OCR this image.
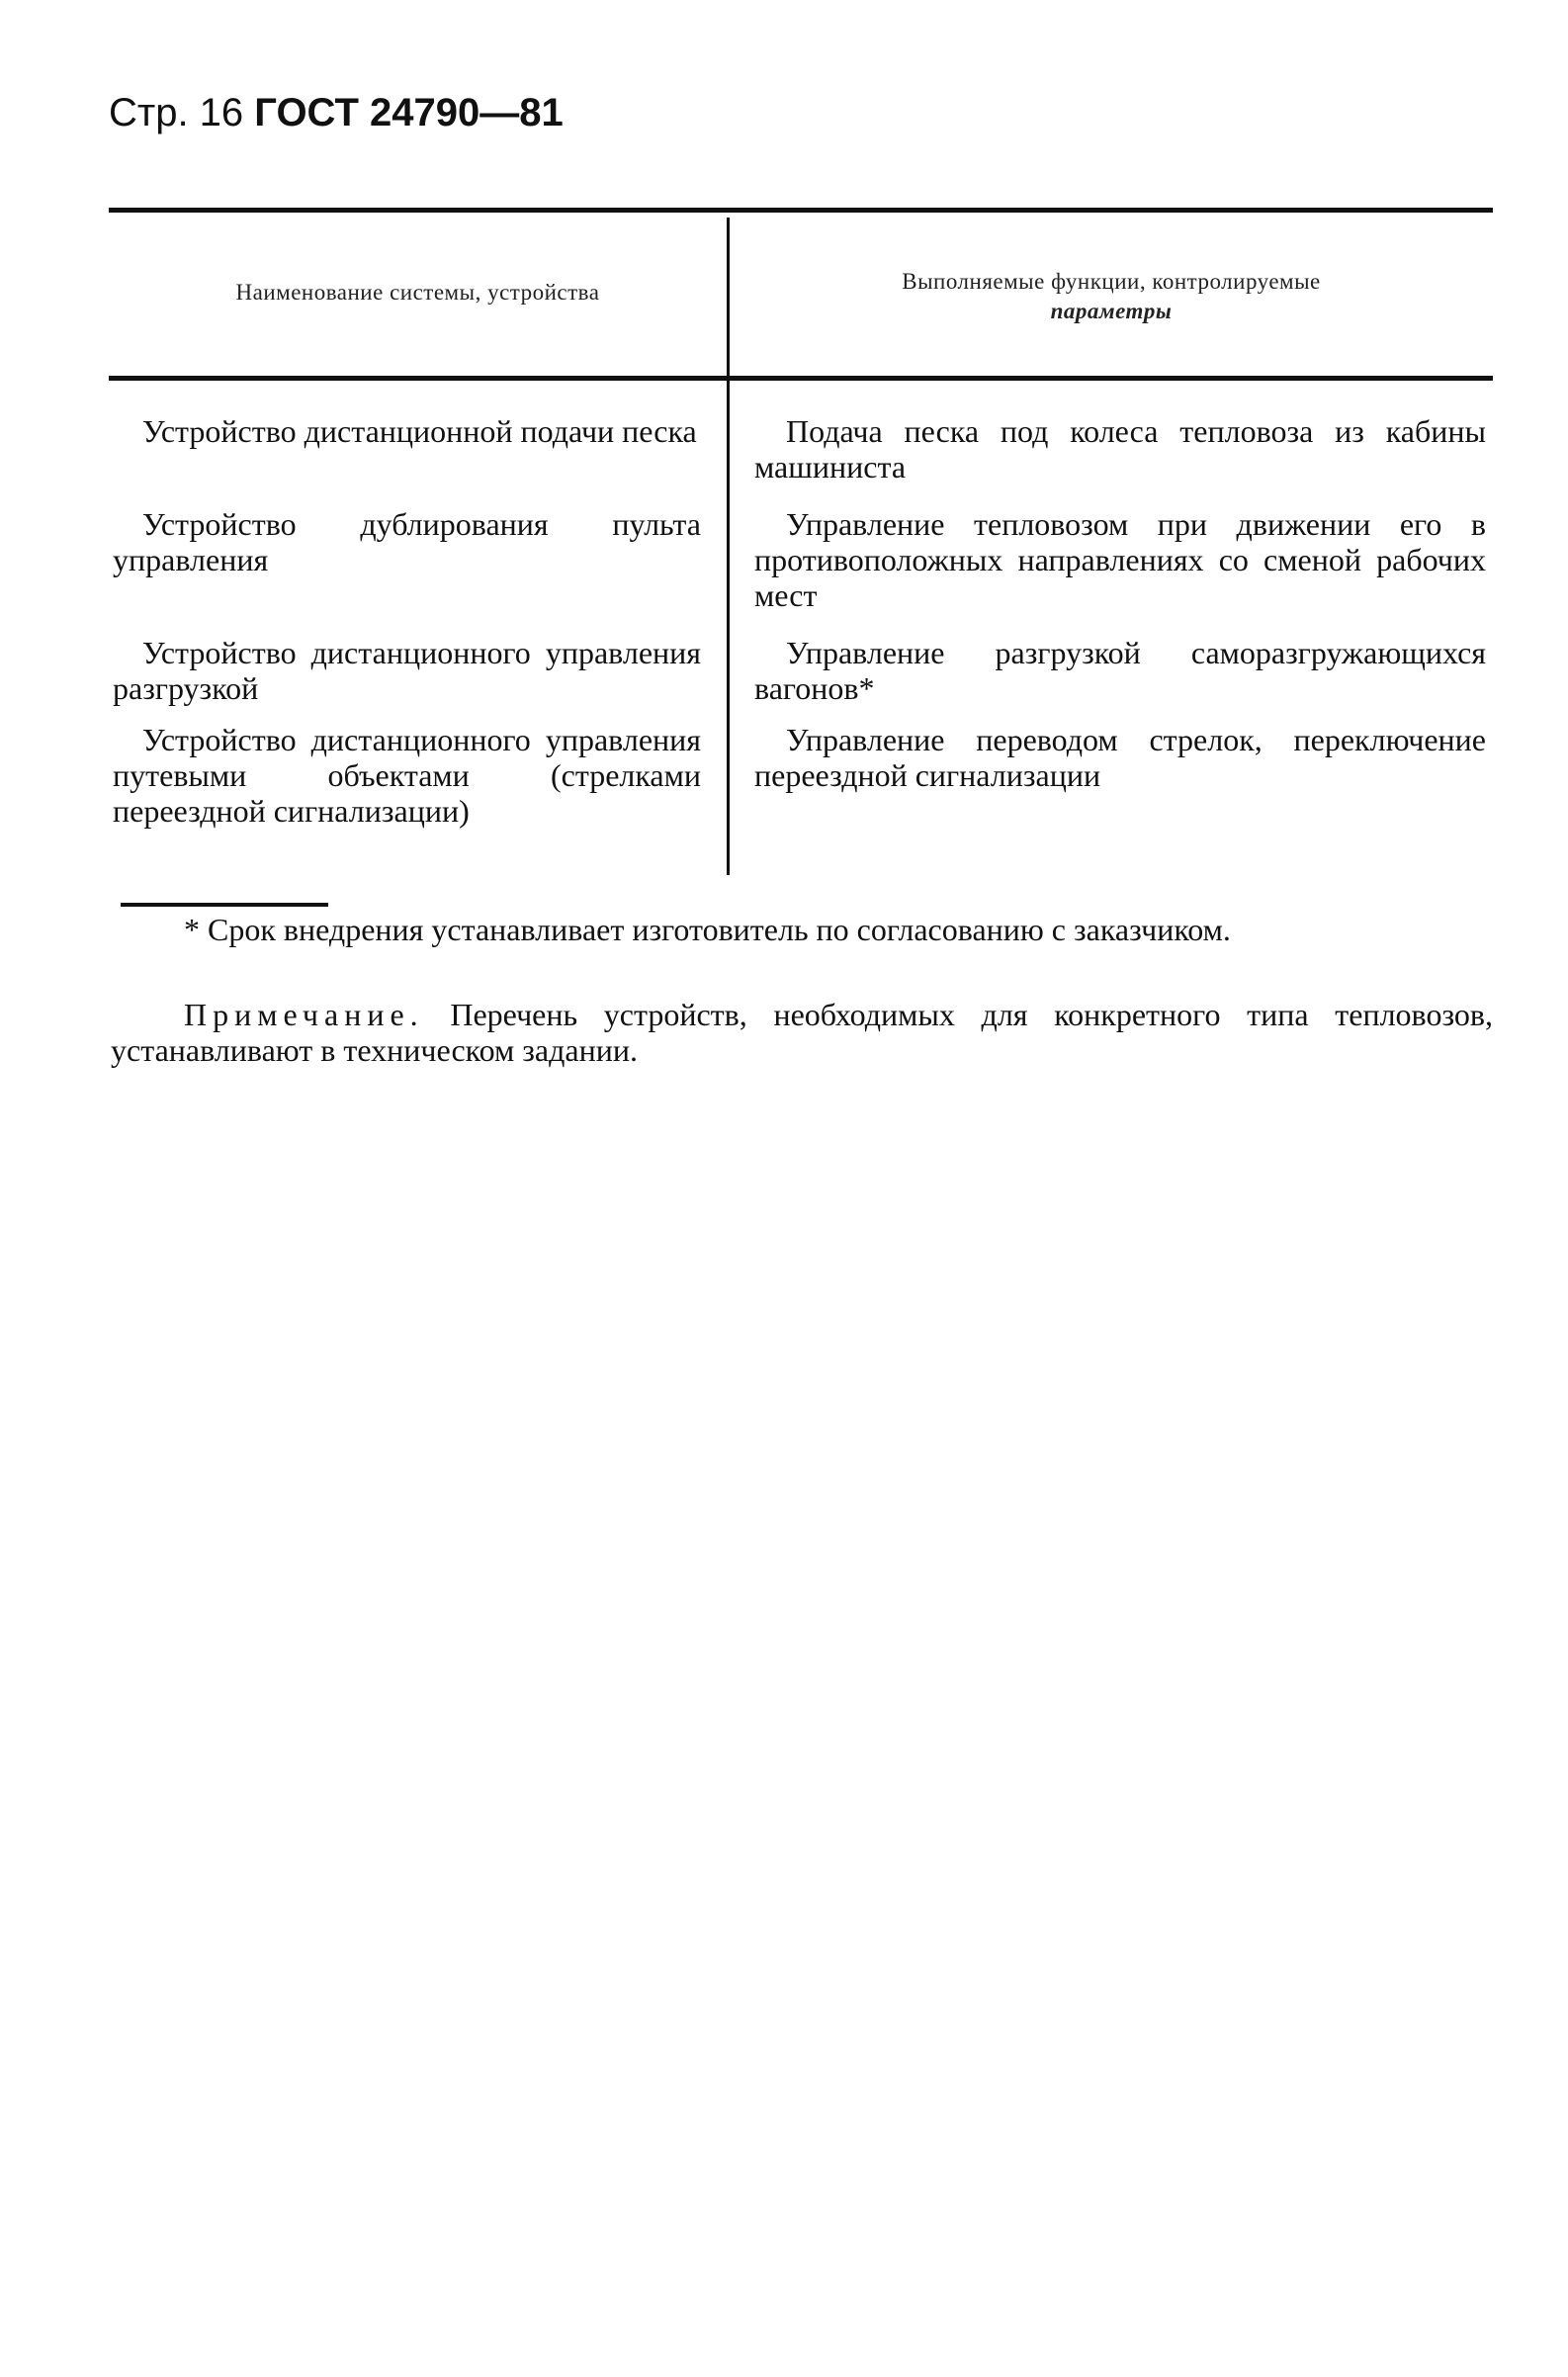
Стр. 16 ГОСТ 24790—81
Наименование системы, устройства	Выполняемые функции, контролируемые
параметры
Устройство дистанционной подачи песка	Подача песка под колеса тепловоза из кабины машиниста
Устройство дублирования пульта управления
Управление тепловозом при движении его в противоположных направлениях со сменой рабочих мест
Устройство дистанционного управления разгрузкой
Управление разгрузкой саморазгружающихся вагонов*
Устройство дистанционного управления путевыми объектами (стрелками переездной сигнализации)
Управление переводом стрелок, переключение переездной сигнализации
* Срок внедрения устанавливает изготовитель по согласованию с заказчиком.
Примечание. Перечень устройств, необходимых для конкретного типа тепловозов, устанавливают в техническом задании.
